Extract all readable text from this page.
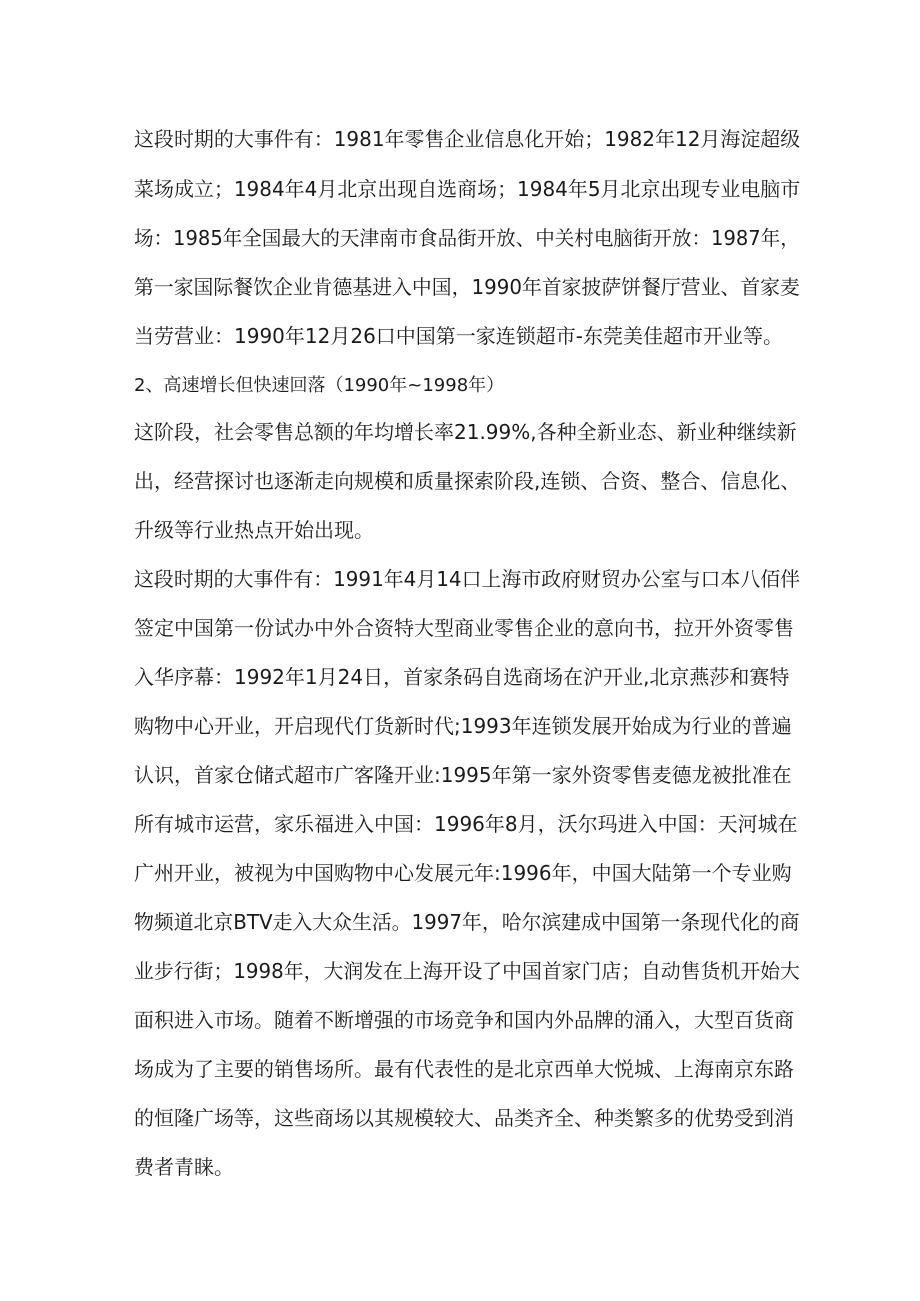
这段时期的大事件有：1981年零售企业信息化开始；1982年12月海淀超级
菜场成立；1984年4月北京出现自选商场；1984年5月北京出现专业电脑市
场：1985年全国最大的天津南市食品街开放、中关村电脑街开放：1987年，
第一家国际餐饮企业肯德基进入中国，1990年首家披萨饼餐厅营业、首家麦
当劳营业：1990年12月26口中国第一家连锁超市-东莞美佳超市开业等。
2、高速增长但快速回落（1990年~1998年）
这阶段，社会零售总额的年均增长率21.99%,各种全新业态、新业种继续新
出，经营探讨也逐渐走向规模和质量探索阶段,连锁、合资、整合、信息化、
升级等行业热点开始出现。
这段时期的大事件有：1991年4月14口上海市政府财贸办公室与口本八佰伴
签定中国第一份试办中外合资特大型商业零售企业的意向书，拉开外资零售
入华序幕：1992年1月24日，首家条码自选商场在沪开业,北京燕莎和赛特
购物中心开业，开启现代仃货新时代;1993年连锁发展开始成为行业的普遍
认识，首家仓储式超市广客隆开业:1995年第一家外资零售麦德龙被批准在
所有城市运营，家乐福进入中国：1996年8月，沃尔玛进入中国：天河城在
广州开业，被视为中国购物中心发展元年:1996年，中国大陆第一个专业购
物频道北京BTV走入大众生活。1997年，哈尔滨建成中国第一条现代化的商
业步行街；1998年，大润发在上海开设了中国首家门店；自动售货机开始大
面积进入市场。随着不断增强的市场竞争和国内外品牌的涌入，大型百货商
场成为了主要的销售场所。最有代表性的是北京西单大悦城、上海南京东路
的恒隆广场等，这些商场以其规模较大、品类齐全、种类繁多的优势受到消
费者青睐。
